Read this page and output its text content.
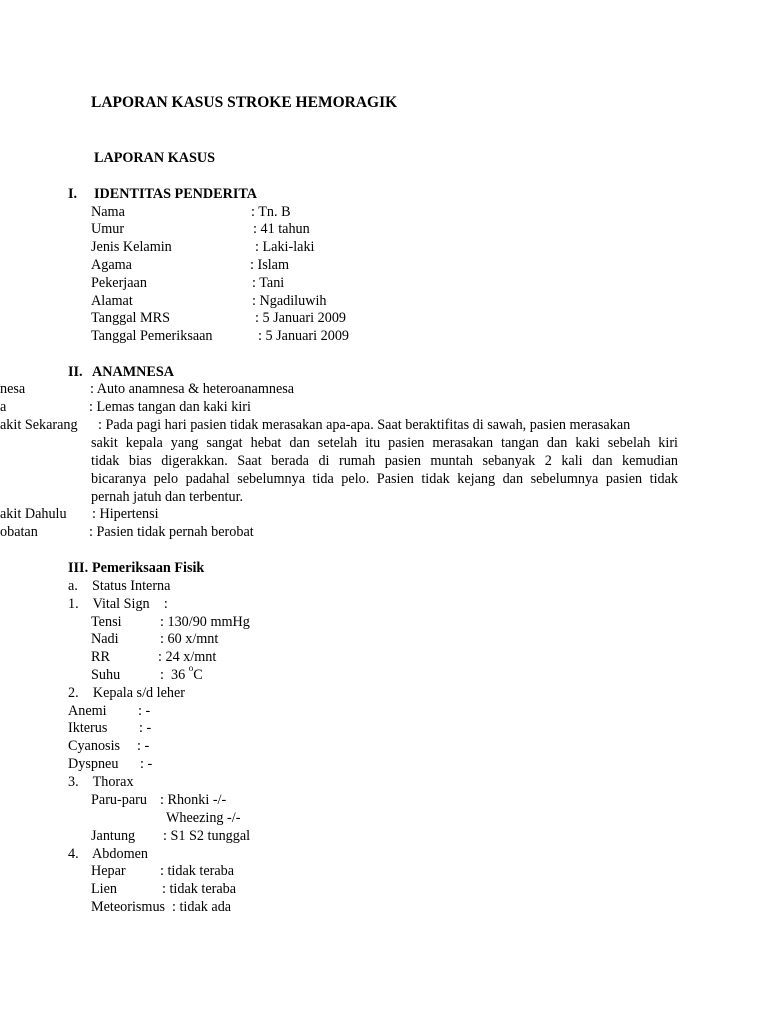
LAPORAN KASUS STROKE HEMORAGIK
LAPORAN KASUS
I. IDENTITAS PENDERITA
Nama	: Tn. B
Umur	: 41 tahun
Jenis Kelamin	: Laki-laki
Agama	: Islam
Pekerjaan	: Tani
Alamat	: Ngadiluwih
Tanggal MRS	: 5 Januari 2009
Tanggal Pemeriksaan	: 5 Januari 2009
II. ANAMNESA
nesa	: Auto anamnesa & heteroanamnesa
a	: Lemas tangan dan kaki kiri
akit Sekarang : Pada pagi hari pasien tidak merasakan apa-apa. Saat beraktifitas di sawah, pasien merasakan
sakit kepala yang sangat hebat dan setelah itu pasien merasakan tangan dan kaki sebelah kiri
tidak bias digerakkan. Saat berada di rumah pasien muntah sebanyak 2 kali dan kemudian
bicaranya pelo padahal sebelumnya tida pelo. Pasien tidak kejang dan sebelumnya pasien tidak
pernah jatuh dan terbentur.
akit Dahulu : Hipertensi
obatan	: Pasien tidak pernah berobat
III. Pemeriksaan Fisik
a.    Status Interna
1.    Vital Sign    :
Tensi	: 130/90 mmHg
Nadi	: 60 x/mnt
RR	: 24 x/mnt
Suhu	:  36 $^o$C
2.    Kepala s/d leher
Anemi : -
Ikterus : -
Cyanosis : -
Dyspneu : -
3.    Thorax
Paru-paru : Rhonki -/-
Wheezing -/-
Jantung : S1 S2 tunggal
4.    Abdomen
Hepar : tidak teraba
Lien	: tidak teraba
Meteorismus : tidak ada
